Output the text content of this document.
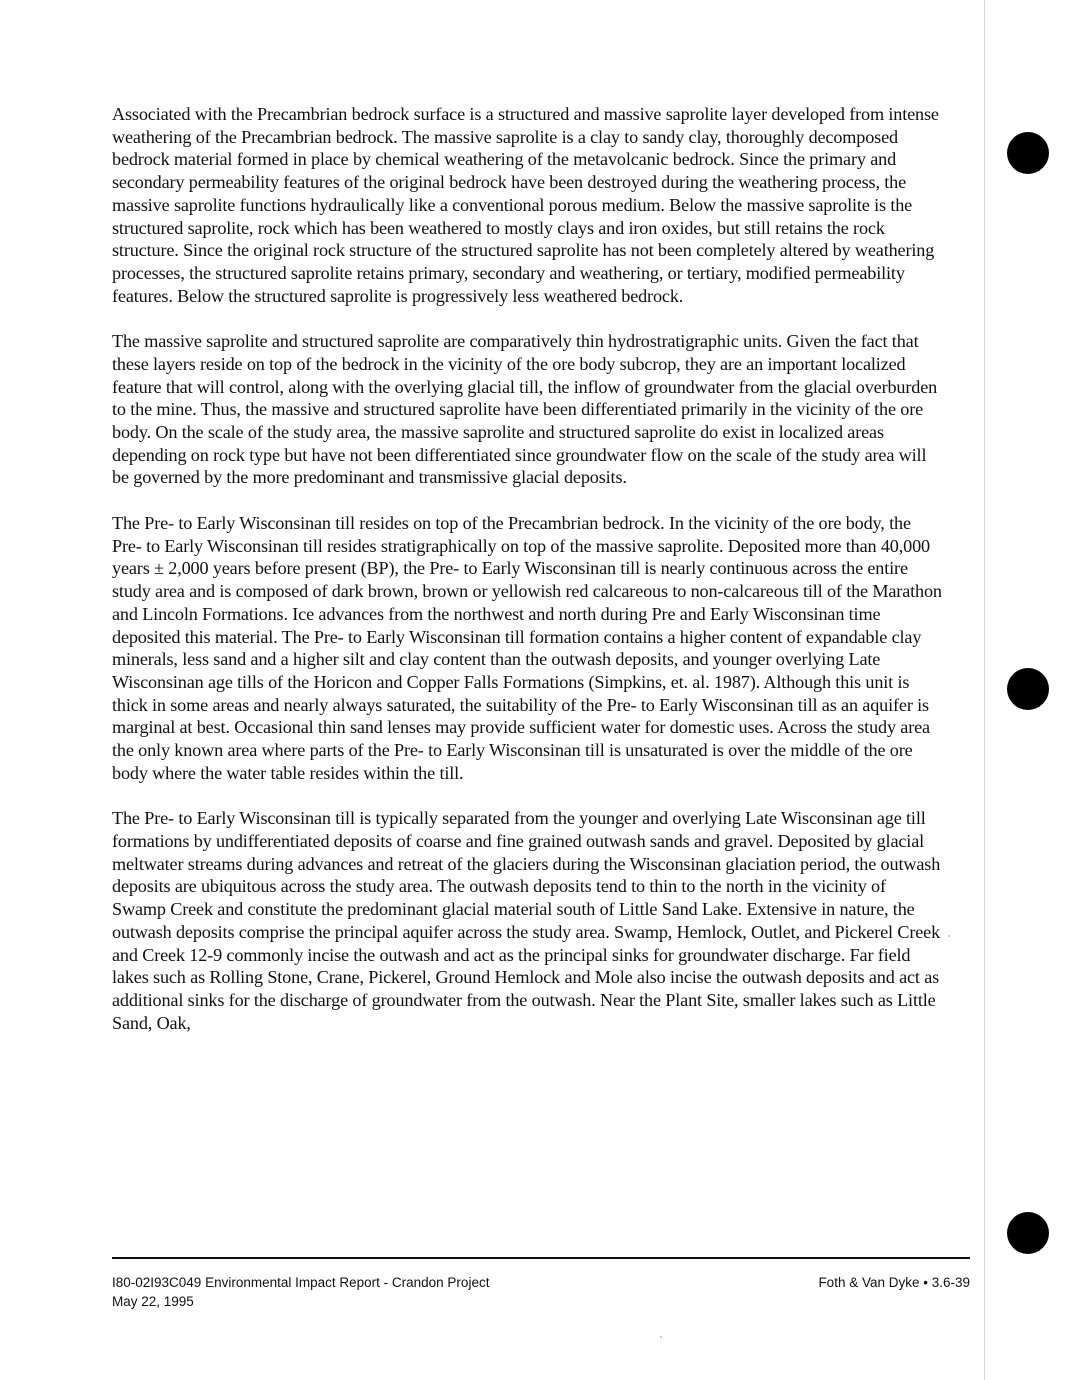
Associated with the Precambrian bedrock surface is a structured and massive saprolite layer developed from intense weathering of the Precambrian bedrock. The massive saprolite is a clay to sandy clay, thoroughly decomposed bedrock material formed in place by chemical weathering of the metavolcanic bedrock. Since the primary and secondary permeability features of the original bedrock have been destroyed during the weathering process, the massive saprolite functions hydraulically like a conventional porous medium. Below the massive saprolite is the structured saprolite, rock which has been weathered to mostly clays and iron oxides, but still retains the rock structure. Since the original rock structure of the structured saprolite has not been completely altered by weathering processes, the structured saprolite retains primary, secondary and weathering, or tertiary, modified permeability features. Below the structured saprolite is progressively less weathered bedrock.

The massive saprolite and structured saprolite are comparatively thin hydrostratigraphic units. Given the fact that these layers reside on top of the bedrock in the vicinity of the ore body subcrop, they are an important localized feature that will control, along with the overlying glacial till, the inflow of groundwater from the glacial overburden to the mine. Thus, the massive and structured saprolite have been differentiated primarily in the vicinity of the ore body. On the scale of the study area, the massive saprolite and structured saprolite do exist in localized areas depending on rock type but have not been differentiated since groundwater flow on the scale of the study area will be governed by the more predominant and transmissive glacial deposits.

The Pre- to Early Wisconsinan till resides on top of the Precambrian bedrock. In the vicinity of the ore body, the Pre- to Early Wisconsinan till resides stratigraphically on top of the massive saprolite. Deposited more than 40,000 years ± 2,000 years before present (BP), the Pre- to Early Wisconsinan till is nearly continuous across the entire study area and is composed of dark brown, brown or yellowish red calcareous to non-calcareous till of the Marathon and Lincoln Formations. Ice advances from the northwest and north during Pre and Early Wisconsinan time deposited this material. The Pre- to Early Wisconsinan till formation contains a higher content of expandable clay minerals, less sand and a higher silt and clay content than the outwash deposits, and younger overlying Late Wisconsinan age tills of the Horicon and Copper Falls Formations (Simpkins, et. al. 1987). Although this unit is thick in some areas and nearly always saturated, the suitability of the Pre- to Early Wisconsinan till as an aquifer is marginal at best. Occasional thin sand lenses may provide sufficient water for domestic uses. Across the study area the only known area where parts of the Pre- to Early Wisconsinan till is unsaturated is over the middle of the ore body where the water table resides within the till.

The Pre- to Early Wisconsinan till is typically separated from the younger and overlying Late Wisconsinan age till formations by undifferentiated deposits of coarse and fine grained outwash sands and gravel. Deposited by glacial meltwater streams during advances and retreat of the glaciers during the Wisconsinan glaciation period, the outwash deposits are ubiquitous across the study area. The outwash deposits tend to thin to the north in the vicinity of Swamp Creek and constitute the predominant glacial material south of Little Sand Lake. Extensive in nature, the outwash deposits comprise the principal aquifer across the study area. Swamp, Hemlock, Outlet, and Pickerel Creek and Creek 12-9 commonly incise the outwash and act as the principal sinks for groundwater discharge. Far field lakes such as Rolling Stone, Crane, Pickerel, Ground Hemlock and Mole also incise the outwash deposits and act as additional sinks for the discharge of groundwater from the outwash. Near the Plant Site, smaller lakes such as Little Sand, Oak,

I80-02I93C049 Environmental Impact Report - Crandon Project
May 22, 1995
Foth & Van Dyke • 3.6-39
